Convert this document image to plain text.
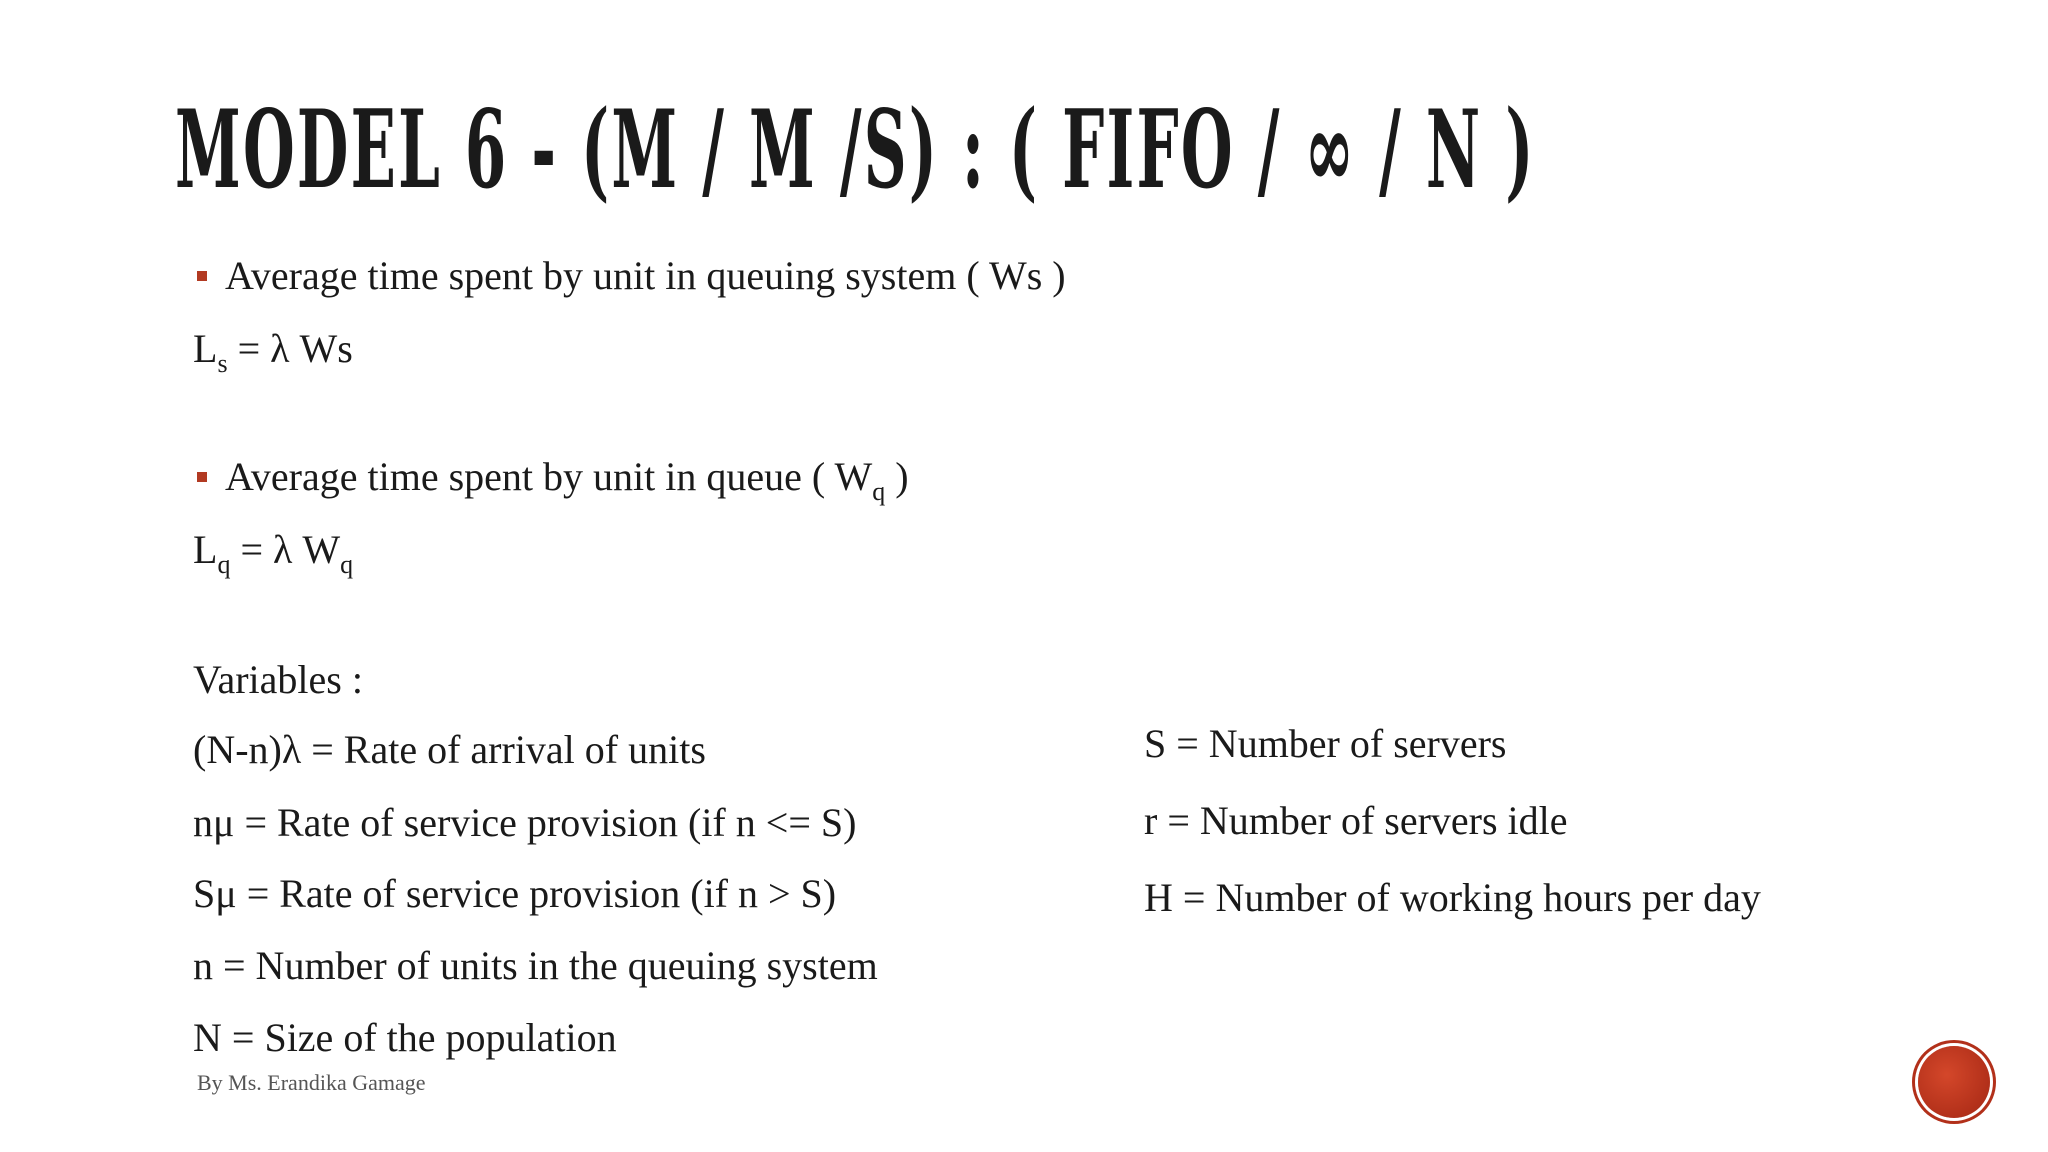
MODEL 6 - (M / M /S) : ( FIFO / ∞ / N )
Average time spent by unit in queuing system ( Ws )
$L_s = \lambda$ Ws
Average time spent by unit in queue ( $W_q$ )
$L_q = \lambda$ $W_q$
Variables :
(N-n)λ = Rate of arrival of units
nμ = Rate of service provision (if n <= S)
Sμ = Rate of service provision (if n > S)
n = Number of units in the queuing system
N = Size of the population
S = Number of servers
r = Number of servers idle
H = Number of working hours per day
By Ms. Erandika Gamage
